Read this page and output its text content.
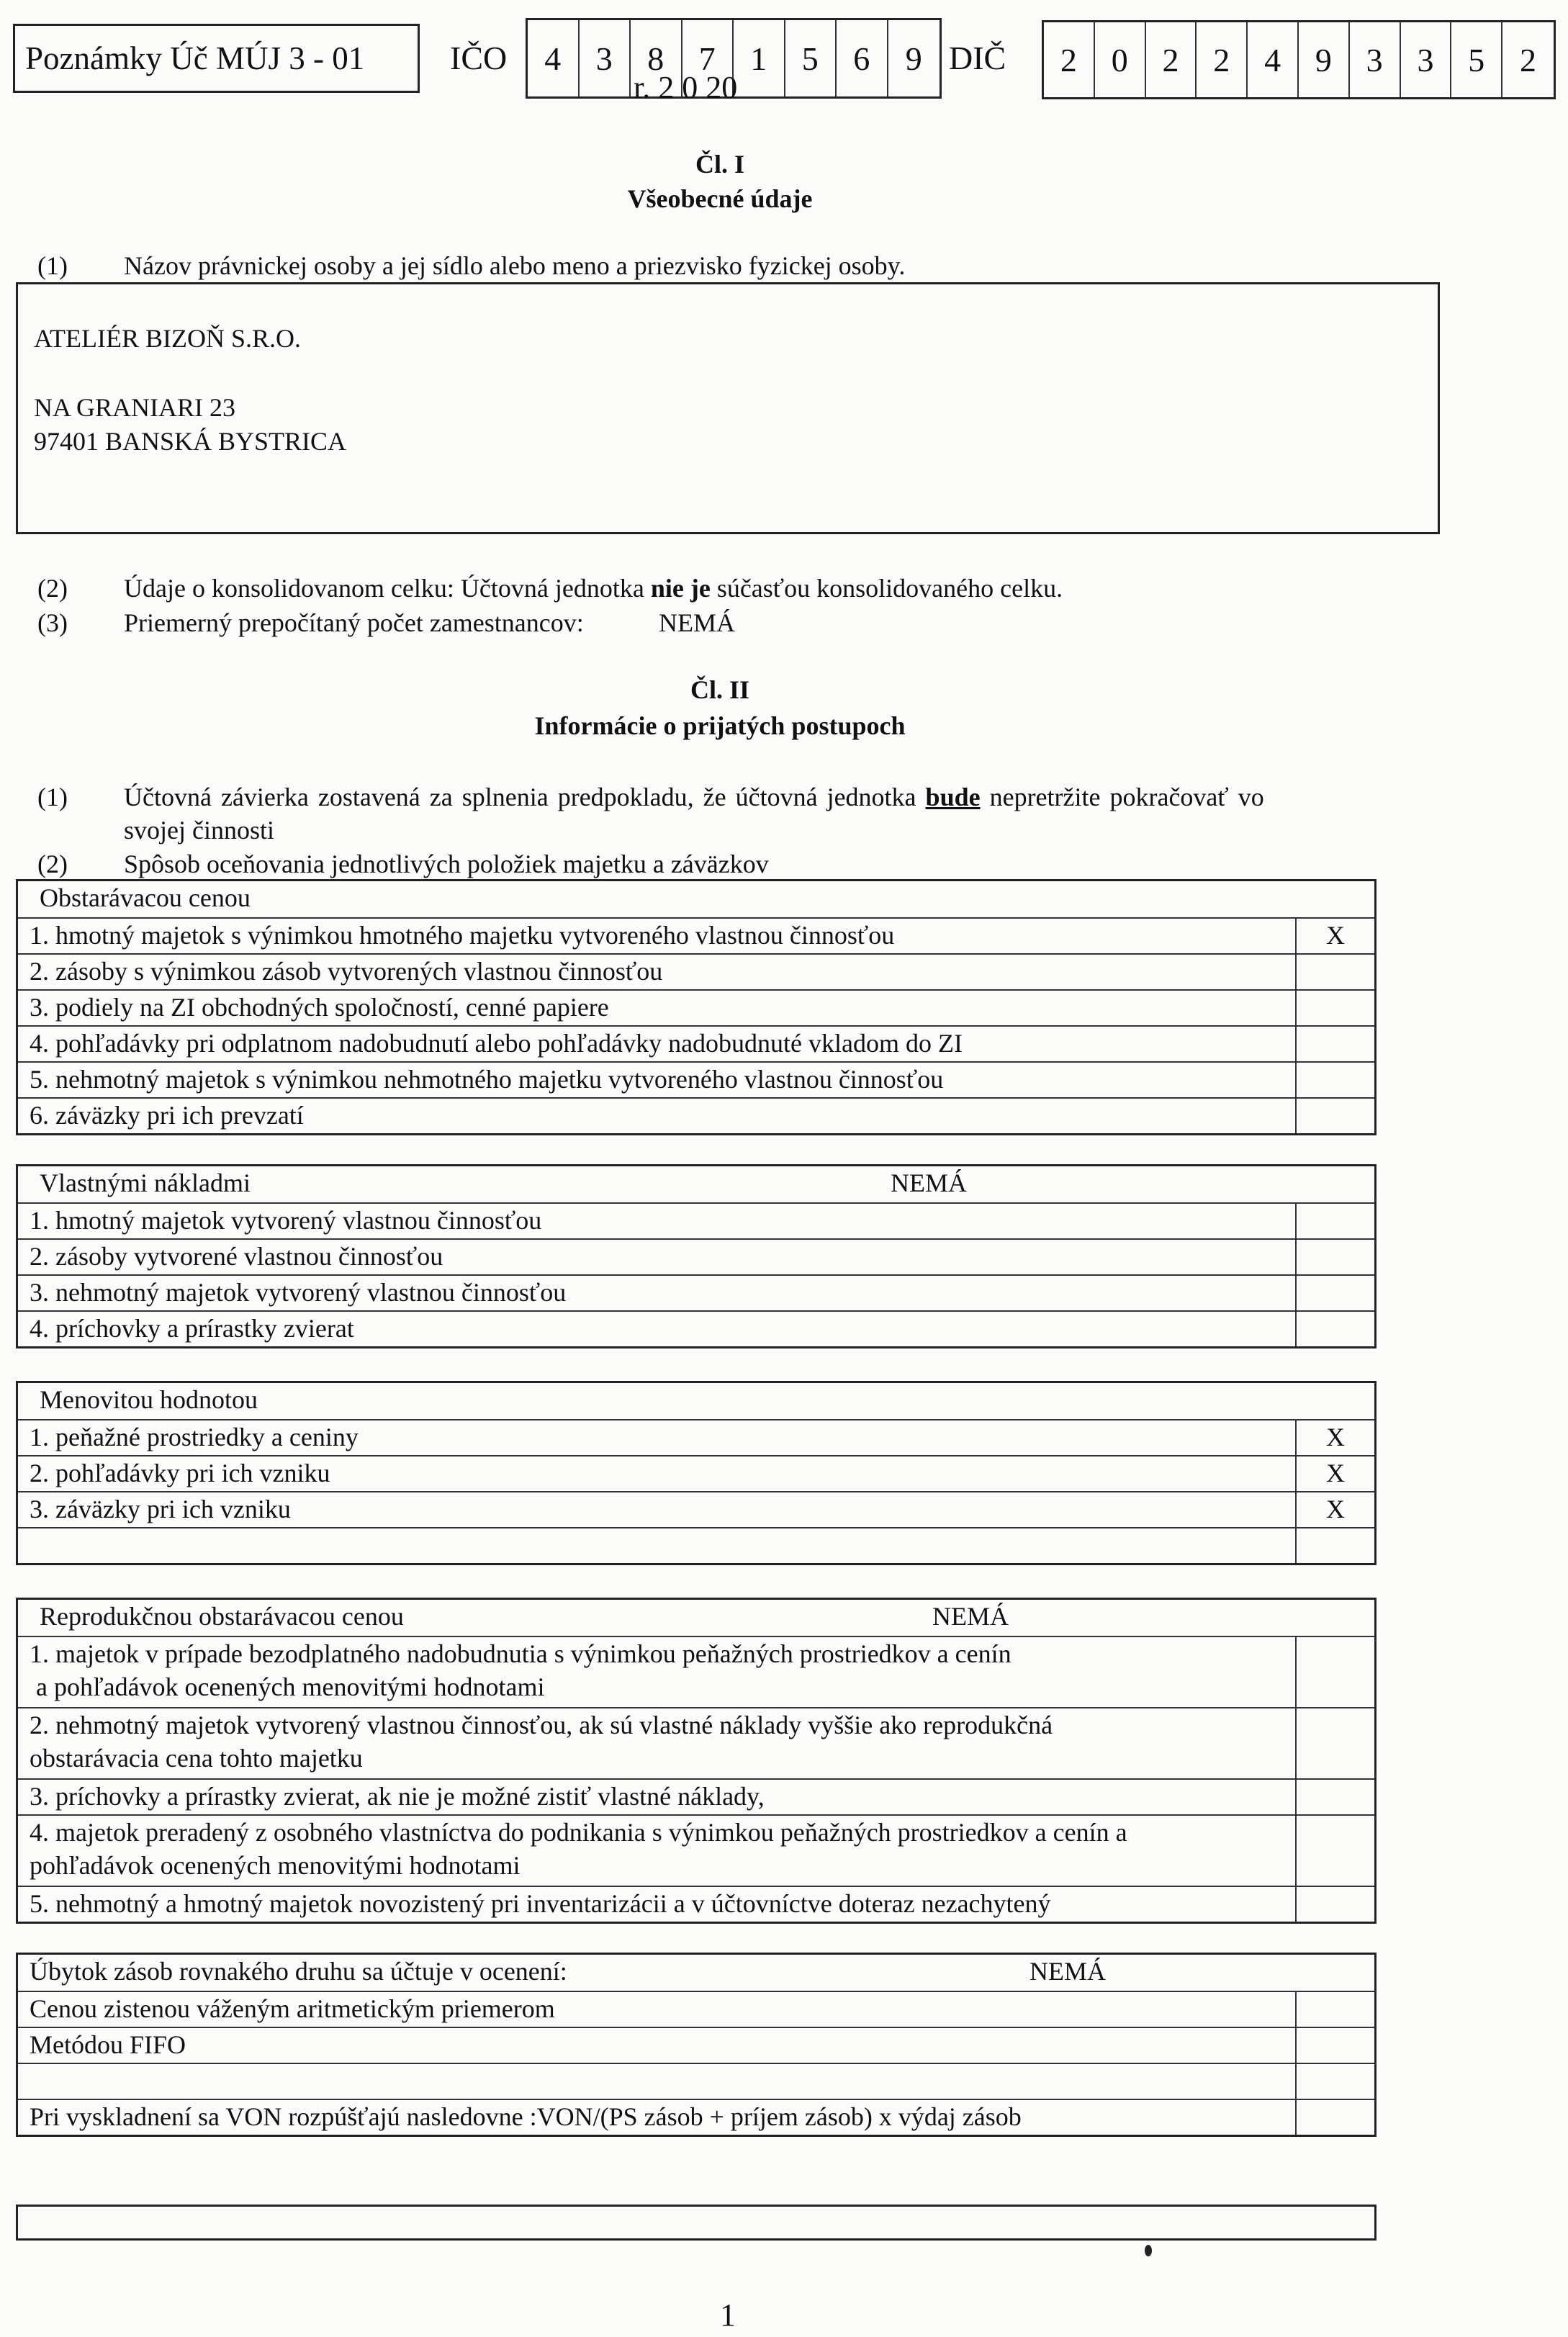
Poznámky Úč MÚJ 3 - 01	IČO	4	3	8	7	1	5	6	9 DIČ	2	0	2	2	4	9	3	3	5	2
r. 2 0 20
Čl. I
Všeobecné údaje
(1) Názov právnickej osoby a jej sídlo alebo meno a priezvisko fyzickej osoby.
ATELIÉR BIZOŇ S.R.O.
NA GRANIARI 23
97401 BANSKÁ BYSTRICA
(2) Údaje o konsolidovanom celku: Účtovná jednotka nie je súčasťou konsolidovaného celku.
(3) Priemerný prepočítaný počet zamestnancov:	NEMÁ
Čl. II
Informácie o prijatých postupoch
(1) Účtovná závierka zostavená za splnenia predpokladu, že účtovná jednotka bude nepretržite pokračovať vo
svojej činnosti
(2) Spôsob oceňovania jednotlivých položiek majetku a záväzkov
Obstarávacou cenou
1. hmotný majetok s výnimkou hmotného majetku vytvoreného vlastnou činnosťou	X
2. zásoby s výnimkou zásob vytvorených vlastnou činnosťou
3. podiely na ZI obchodných spoločností, cenné papiere
4. pohľadávky pri odplatnom nadobudnutí alebo pohľadávky nadobudnuté vkladom do ZI
5. nehmotný majetok s výnimkou nehmotného majetku vytvoreného vlastnou činnosťou
6. záväzky pri ich prevzatí
Vlastnými nákladmi	NEMÁ
1. hmotný majetok vytvorený vlastnou činnosťou
2. zásoby vytvorené vlastnou činnosťou
3. nehmotný majetok vytvorený vlastnou činnosťou
4. príchovky a prírastky zvierat
Menovitou hodnotou
1. peňažné prostriedky a ceniny	X
2. pohľadávky pri ich vzniku	X
3. záväzky pri ich vzniku	X
Reprodukčnou obstarávacou cenou	NEMÁ
1. majetok v prípade bezodplatného nadobudnutia s výnimkou peňažných prostriedkov a cenín
a pohľadávok ocenených menovitými hodnotami
2. nehmotný majetok vytvorený vlastnou činnosťou, ak sú vlastné náklady vyššie ako reprodukčná
obstarávacia cena tohto majetku
3. príchovky a prírastky zvierat, ak nie je možné zistiť vlastné náklady,
4. majetok preradený z osobného vlastníctva do podnikania s výnimkou peňažných prostriedkov a cenín a
pohľadávok ocenených menovitými hodnotami
5. nehmotný a hmotný majetok novozistený pri inventarizácii a v účtovníctve doteraz nezachytený
Úbytok zásob rovnakého druhu sa účtuje v ocenení:	NEMÁ
Cenou zistenou váženým aritmetickým priemerom
Metódou FIFO
Pri vyskladnení sa VON rozpúšťajú nasledovne :VON/(PS zásob + príjem zásob) x výdaj zásob
1
